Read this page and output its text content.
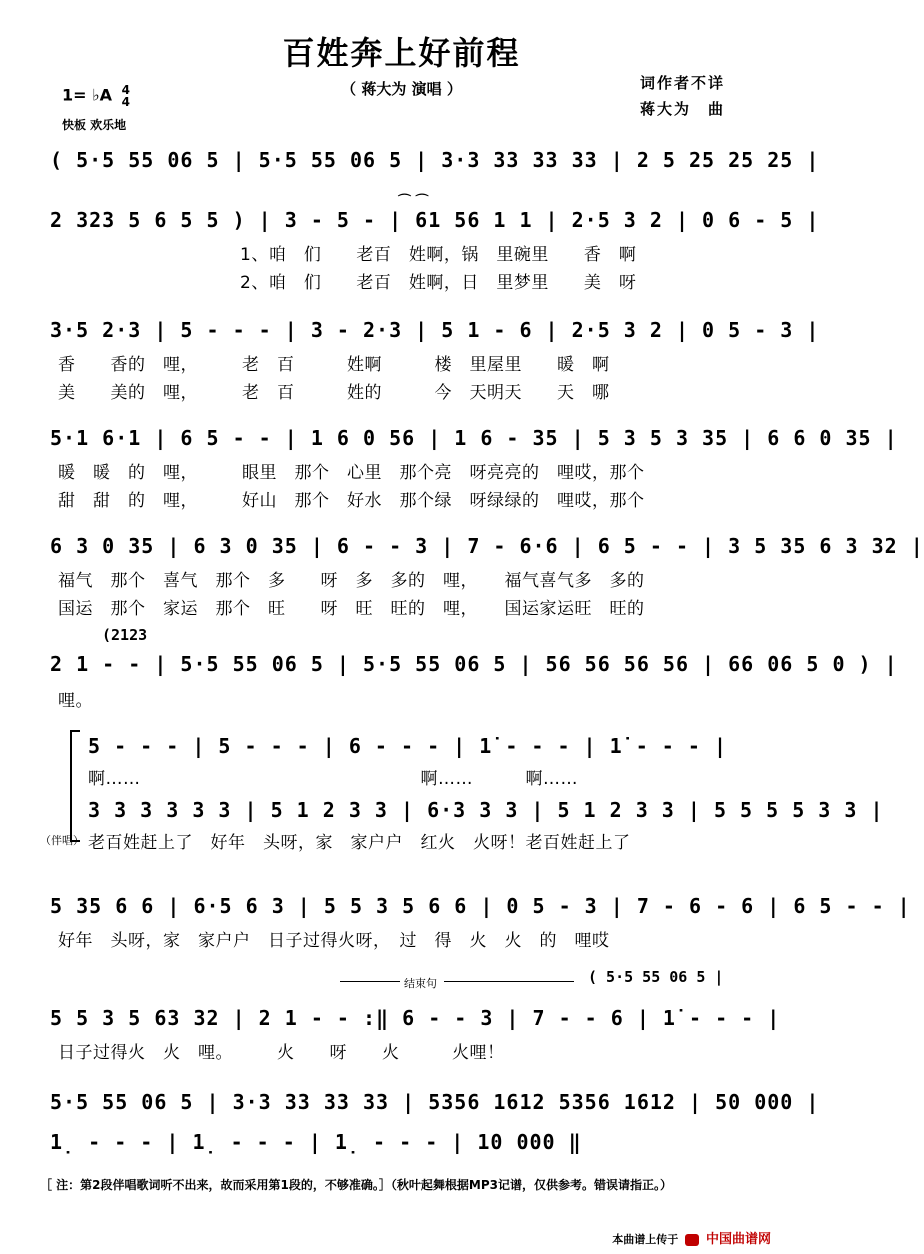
百姓奔上好前程
（ 蒋大为 演唱 ）	词作者不详
蒋大为　曲
1= ♭A 4
4
快板 欢乐地
( 5·5 55 06 5 | 5·5 55 06 5 | 3·3 33 33 33 | 2 5 25 25 25 |
2 323 5 6 5 5 ) | 3 - 5 - | 61 56 1 1 | 2·5 3 2 | 0 6 - 5 |
⌒ ⌒
1、咱　们　　老百　姓啊，锅　里碗里　　香　啊
2、咱　们　　老百　姓啊，日　里梦里　　美　呀
3·5 2·3 | 5 - - - | 3 - 2·3 | 5 1 - 6 | 2·5 3 2 | 0 5 - 3 |
香　　香的　哩，　　　老　百　　　姓啊　　　楼　里屋里　　暖　啊
美　　美的　哩，　　　老　百　　　姓的　　　今　天明天　　天　哪
5·1 6·1 | 6 5 - - | 1 6 0 56 | 1 6 - 35 | 5 3 5 3 35 | 6 6 0 35 |
暖　暖　的　哩，　　　眼里　那个　心里　那个亮　呀亮亮的　哩哎，那个
甜　甜　的　哩，　　　好山　那个　好水　那个绿　呀绿绿的　哩哎，那个
6 3 0 35 | 6 3 0 35 | 6 - - 3 | 7 - 6·6 | 6 5 - - | 3 5 35 6 3 32 |
福气　那个　喜气　那个　多　　呀　多　多的　哩，　　福气喜气多　多的
国运　那个　家运　那个　旺　　呀　旺　旺的　哩，　　国运家运旺　旺的
(2123
2 1 - - | 5·5 55 06 5 | 5·5 55 06 5 | 56 56 56 56 | 66 06 5 0 ) |
哩。
5 - - - | 5 - - - | 6 - - - | 1̇ - - - | 1̇ - - - |
啊……　　　　　　　　　　　　　　　　啊……　　　啊……
3 3 3 3 3 3 | 5 1 2 3 3 | 6·3 3 3 | 5 1 2 3 3 | 5 5 5 5 3 3 |
（伴唱） 老百姓赶上了　好年　头呀，家　家户户　红火　火呀！老百姓赶上了
5 35 6 6 | 6·5 6 3 | 5 5 3 5 6 6 | 0 5 - 3 | 7 - 6 - 6 | 6 5 - - |
好年　头呀，家　家户户　日子过得火呀，　过　得　火　火　的　哩哎
结束句	( 5·5 55 06 5 |
5 5 3 5 63 32 | 2 1 - - :‖ 6 - - 3 | 7 - - 6 | 1̇ - - - |
日子过得火　火　哩。　　　火　　呀　　火　　　火哩！
5·5 55 06 5 | 3·3 33 33 33 | 5356 1612 5356 1612 | 50 000 |
1̣ - - - | 1̣ - - - | 1̣ - - - | 10 000 ‖
［ 注：第2段伴唱歌词听不出来，故而采用第1段的，不够准确。］（秋叶起舞根据MP3记谱，仅供参考。错误请指正。）
本曲谱上传于 中国曲谱网
